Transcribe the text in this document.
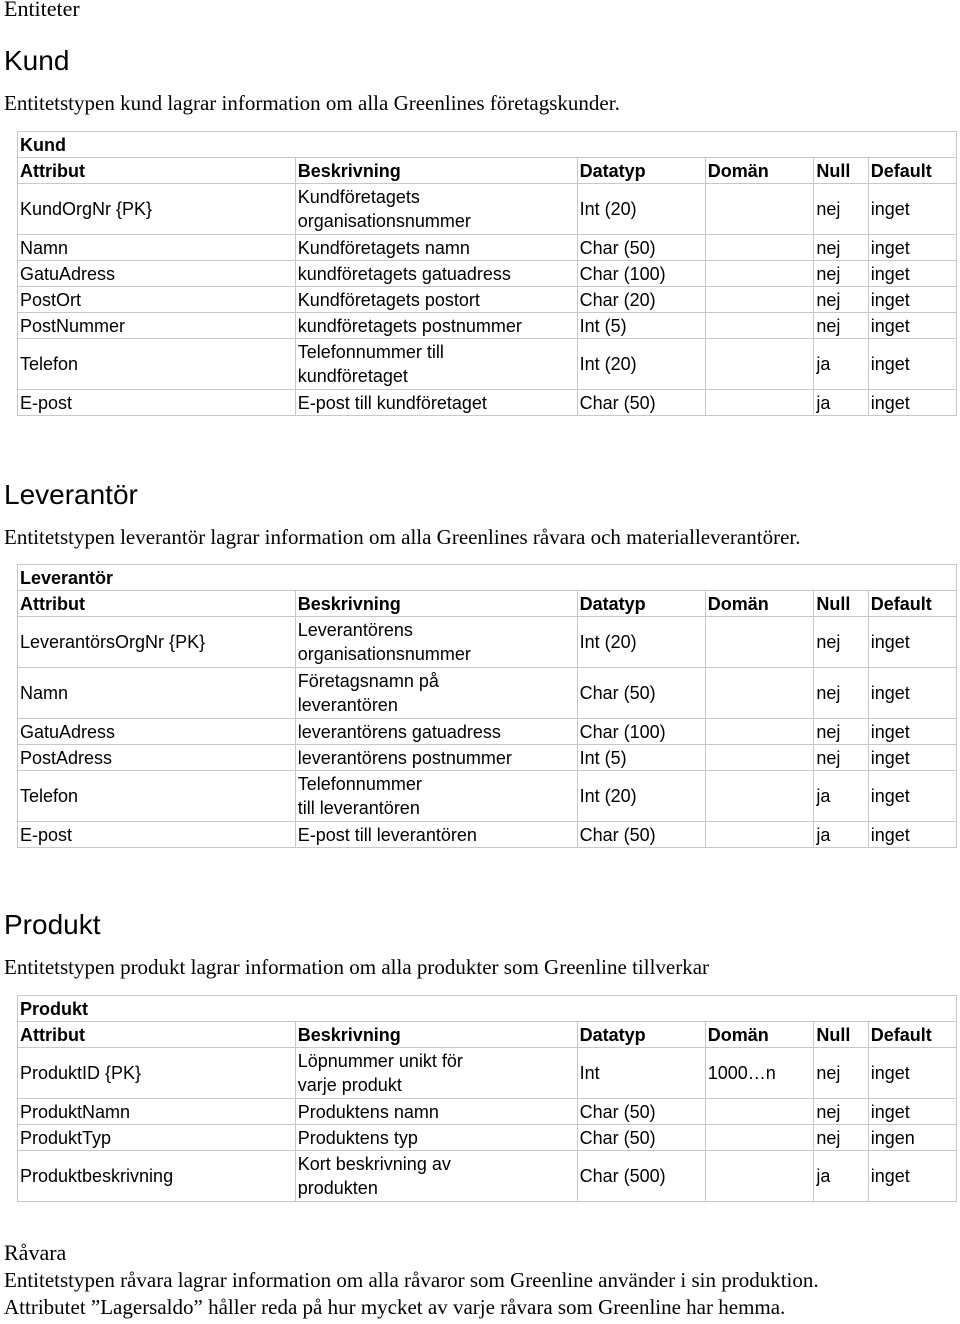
Entiteter
Kund
Entitetstypen kund lagrar information om alla Greenlines företagskunder.
Kund					
Attribut	Beskrivning	Datatyp	Domän	Null	Default
KundOrgNr {PK}	Kundföretagets organisationsnummer	Int (20)		nej	inget
Namn	Kundföretagets namn	Char (50)		nej	inget
GatuAdress	kundföretagets gatuadress	Char (100)		nej	inget
PostOrt	Kundföretagets postort	Char (20)		nej	inget
PostNummer	kundföretagets postnummer	Int (5)		nej	inget
Telefon	Telefonnummer till kundföretaget	Int (20)		ja	inget
E-post	E-post till kundföretaget	Char (50)		ja	inget
Leverantör
Entitetstypen leverantör lagrar information om alla Greenlines råvara och materialleverantörer.
Leverantör					
Attribut	Beskrivning	Datatyp	Domän	Null	Default
LeverantörsOrgNr {PK}	Leverantörens organisationsnummer	Int (20)		nej	inget
Namn	Företagsnamn på leverantören	Char (50)		nej	inget
GatuAdress	leverantörens gatuadress	Char (100)		nej	inget
PostAdress	leverantörens postnummer	Int (5)		nej	inget
Telefon	Telefonnummer till leverantören	Int (20)		ja	inget
E-post	E-post till leverantören	Char (50)		ja	inget
Produkt
Entitetstypen produkt lagrar information om alla produkter som Greenline tillverkar
Produkt					
Attribut	Beskrivning	Datatyp	Domän	Null	Default
ProduktID {PK}	Löpnummer unikt för varje produkt	Int	1000…n	nej	inget
ProduktNamn	Produktens namn	Char (50)		nej	inget
ProduktTyp	Produktens typ	Char (50)		nej	ingen
Produktbeskrivning	Kort beskrivning av produkten	Char (500)		ja	inget
Råvara
Entitetstypen råvara lagrar information om alla råvaror som Greenline använder i sin produktion.
Attributet ”Lagersaldo” håller reda på hur mycket av varje råvara som Greenline har hemma.
